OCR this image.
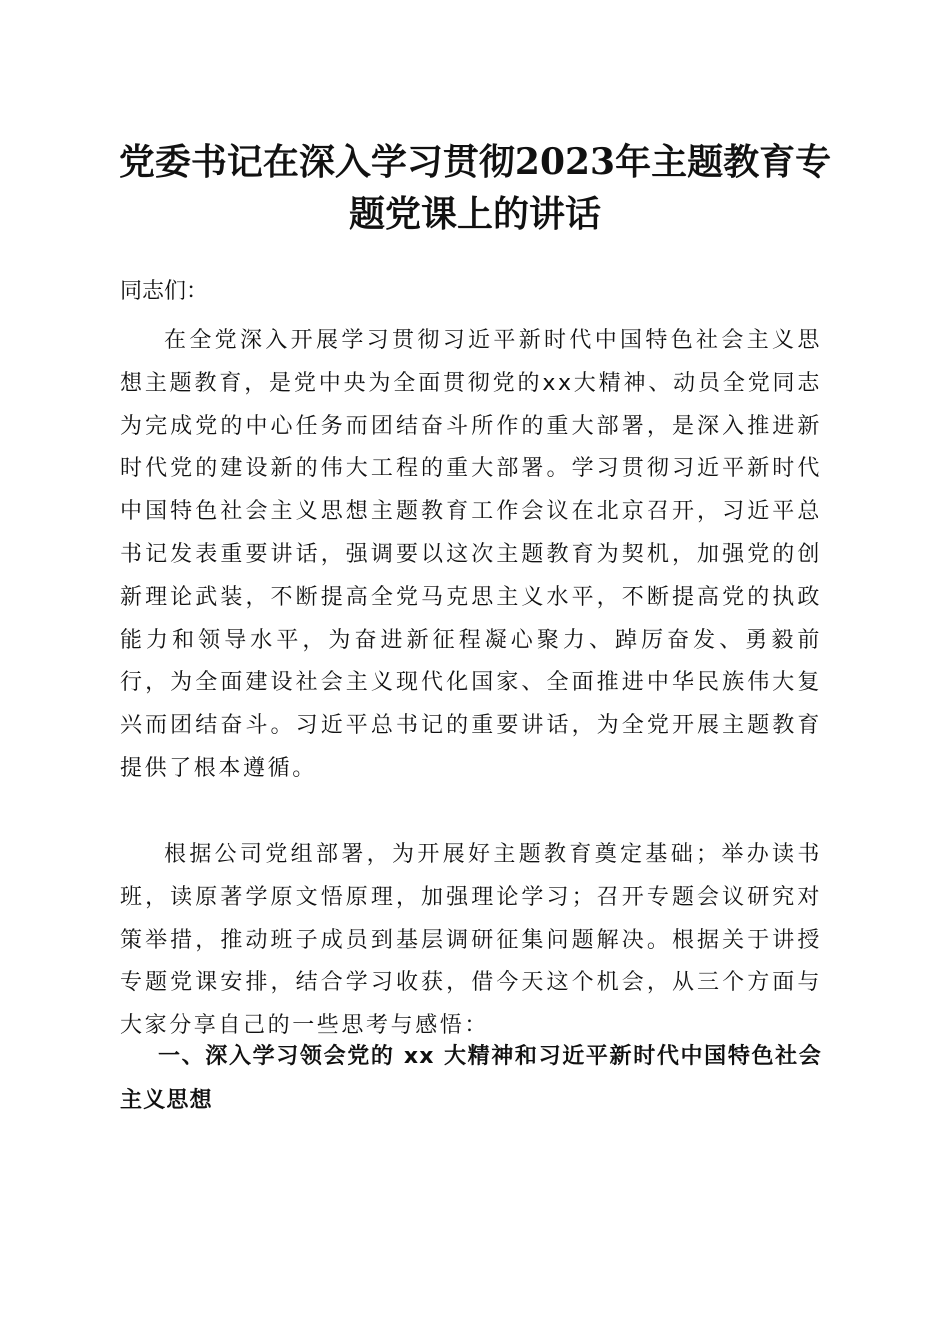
党委书记在深入学习贯彻2023年主题教育专题党课上的讲话
同志们：

在全党深入开展学习贯彻习近平新时代中国特色社会主义思想主题教育，是党中央为全面贯彻党的xx大精神、动员全党同志为完成党的中心任务而团结奋斗所作的重大部署，是深入推进新时代党的建设新的伟大工程的重大部署。学习贯彻习近平新时代中国特色社会主义思想主题教育工作会议在北京召开，习近平总书记发表重要讲话，强调要以这次主题教育为契机，加强党的创新理论武装，不断提高全党马克思主义水平，不断提高党的执政能力和领导水平，为奋进新征程凝心聚力、踔厉奋发、勇毅前行，为全面建设社会主义现代化国家、全面推进中华民族伟大复兴而团结奋斗。习近平总书记的重要讲话，为全党开展主题教育提供了根本遵循。

根据公司党组部署，为开展好主题教育奠定基础；举办读书班，读原著学原文悟原理，加强理论学习；召开专题会议研究对策举措，推动班子成员到基层调研征集问题解决。根据关于讲授专题党课安排，结合学习收获，借今天这个机会，从三个方面与大家分享自己的一些思考与感悟：

一、深入学习领会党的 xx 大精神和习近平新时代中国特色社会主义思想
